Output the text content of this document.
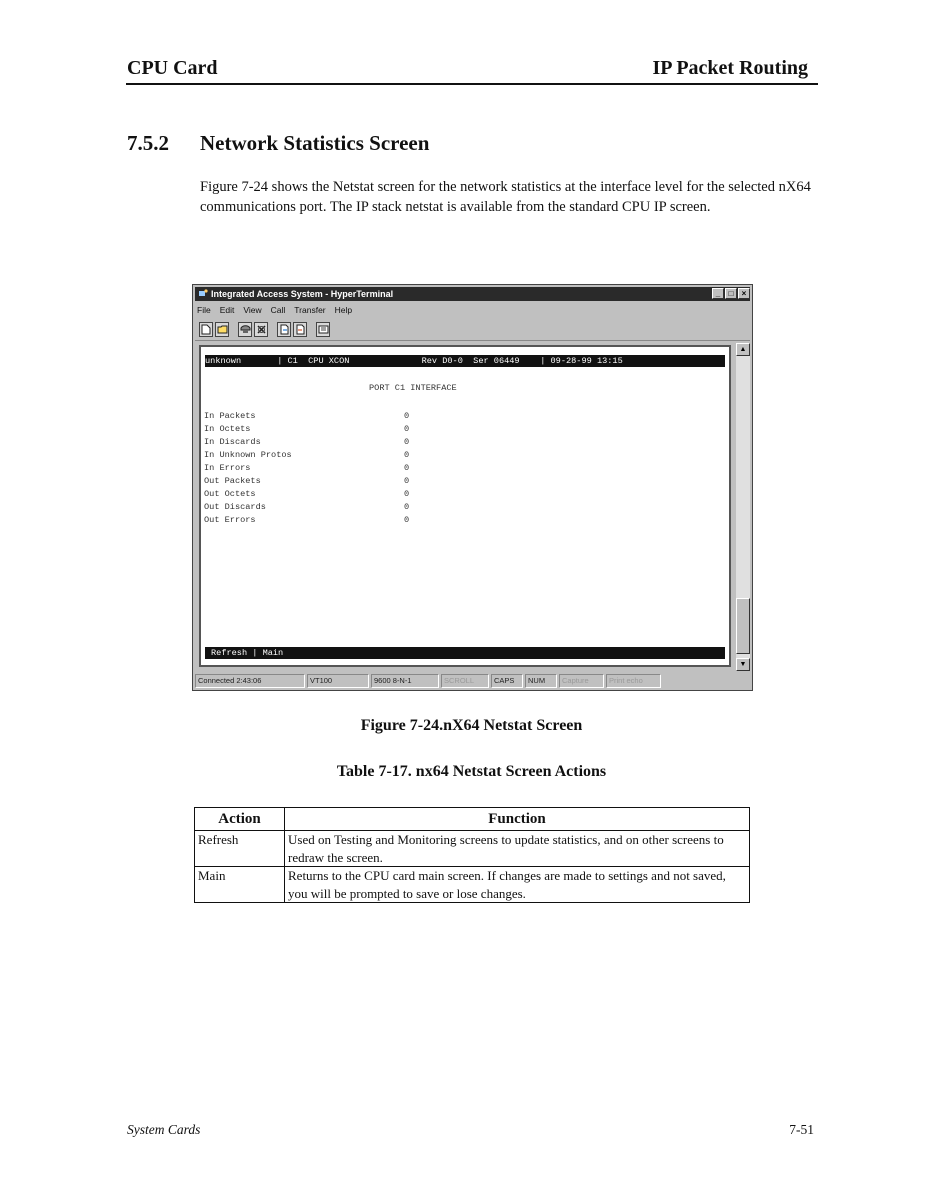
CPU Card	IP Packet Routing
7.5.2 Network Statistics Screen

Figure 7-24 shows the Netstat screen for the network statistics at the interface level for the selected nX64 communications port. The IP stack netstat is available from the standard CPU IP screen.

Integrated Access System - HyperTerminal	_	□	×
File Edit View Call Transfer Help
unknown       | C1  CPU XCON              Rev D0-0  Ser 06449    | 09-28-99 13:15
PORT C1 INTERFACE
In Packets	0
In Octets	0
In Discards	0
In Unknown Protos	0
In Errors	0
Out Packets	0
Out Octets	0
Out Discards	0
Out Errors	0
Refresh | Main
▲
▼
Connected 2:43:06	VT100	9600 8-N-1	SCROLL	CAPS	NUM	Capture	Print echo
Figure 7-24.nX64 Netstat Screen
Table 7-17. nx64 Netstat Screen Actions
Action	Function
Refresh	Used on Testing and Monitoring screens to update statistics, and on other screens to redraw the screen.
Main	Returns to the CPU card main screen. If changes are made to settings and not saved, you will be prompted to save or lose changes.
System Cards	7-51
